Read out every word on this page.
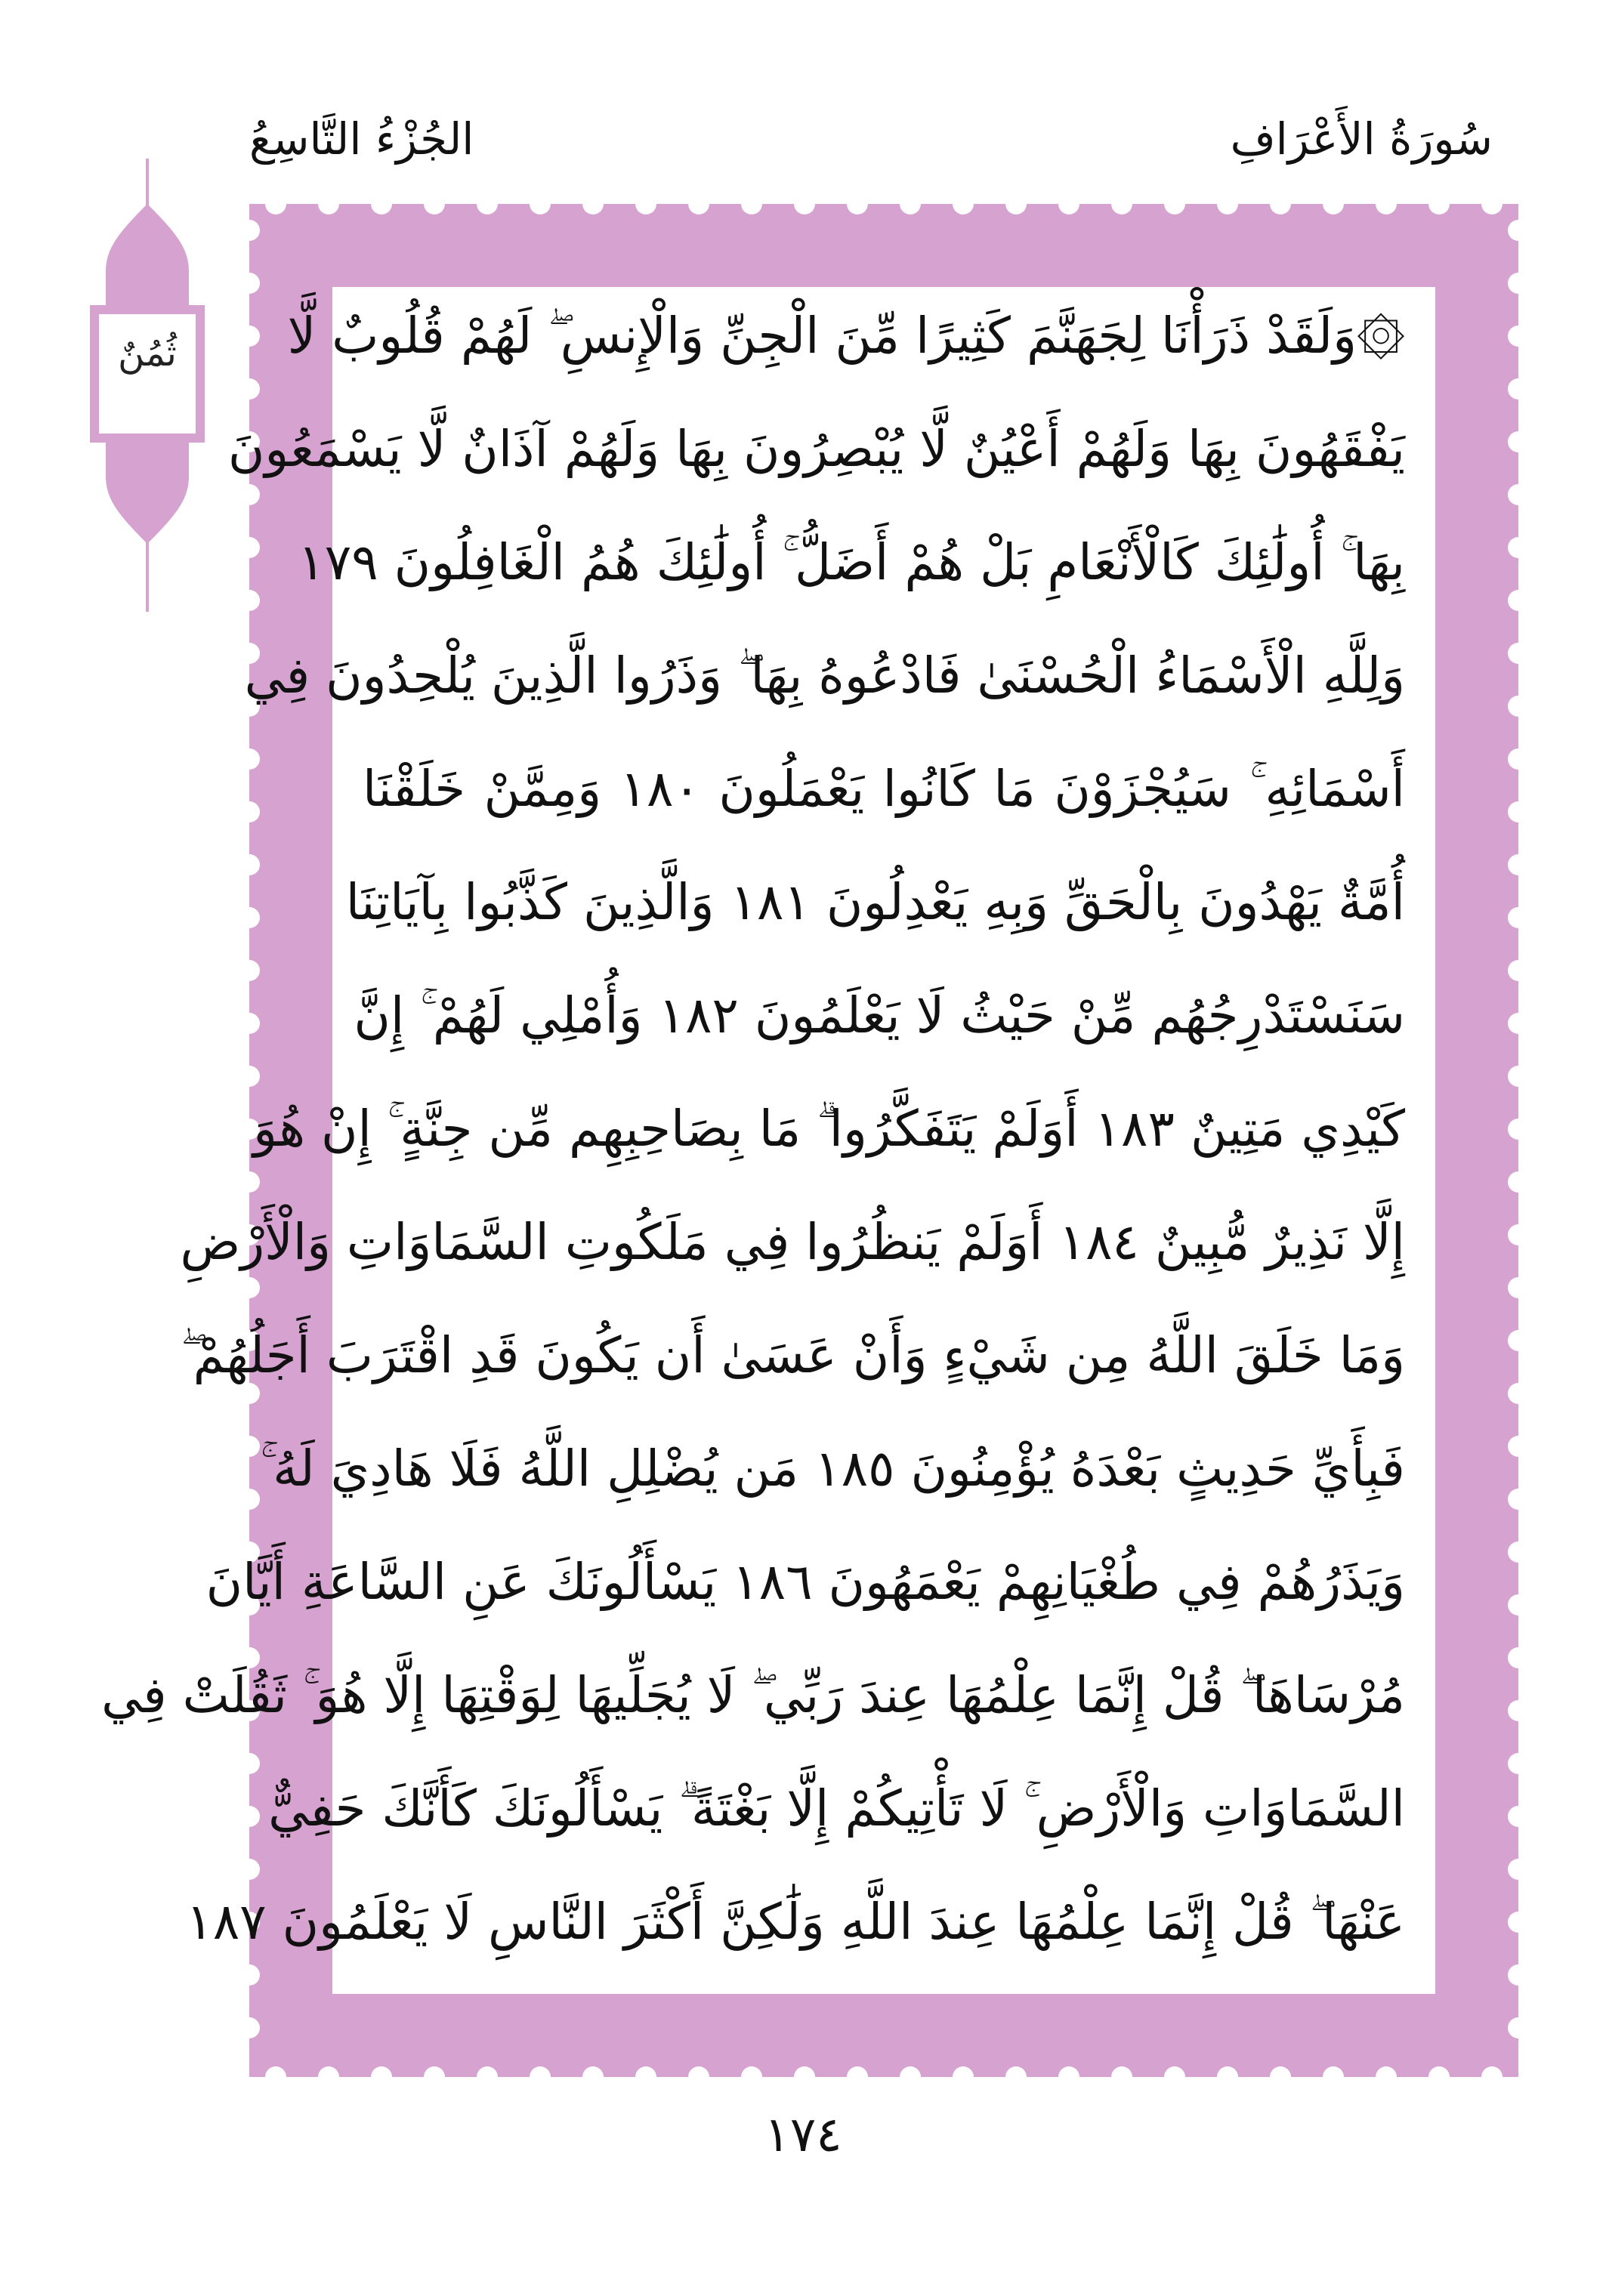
سُورَةُ الأَعْرَافِ
الجُزْءُ التَّاسِعُ
ثُمُنٌ	۞وَلَقَدْ ذَرَأْنَا لِجَهَنَّمَ كَثِيرًا مِّنَ الْجِنِّ وَالْإِنسِ ۖ لَهُمْ قُلُوبٌ لَّا
يَفْقَهُونَ بِهَا وَلَهُمْ أَعْيُنٌ لَّا يُبْصِرُونَ بِهَا وَلَهُمْ آذَانٌ لَّا يَسْمَعُونَ
بِهَا ۚ أُولَٰئِكَ كَالْأَنْعَامِ بَلْ هُمْ أَضَلُّ ۚ أُولَٰئِكَ هُمُ الْغَافِلُونَ ١٧٩
وَلِلَّهِ الْأَسْمَاءُ الْحُسْنَىٰ فَادْعُوهُ بِهَا ۖ وَذَرُوا الَّذِينَ يُلْحِدُونَ فِي
أَسْمَائِهِ ۚ سَيُجْزَوْنَ مَا كَانُوا يَعْمَلُونَ ١٨٠ وَمِمَّنْ خَلَقْنَا
أُمَّةٌ يَهْدُونَ بِالْحَقِّ وَبِهِ يَعْدِلُونَ ١٨١ وَالَّذِينَ كَذَّبُوا بِآيَاتِنَا
سَنَسْتَدْرِجُهُم مِّنْ حَيْثُ لَا يَعْلَمُونَ ١٨٢ وَأُمْلِي لَهُمْ ۚ إِنَّ
كَيْدِي مَتِينٌ ١٨٣ أَوَلَمْ يَتَفَكَّرُوا ۗ مَا بِصَاحِبِهِم مِّن جِنَّةٍ ۚ إِنْ هُوَ
إِلَّا نَذِيرٌ مُّبِينٌ ١٨٤ أَوَلَمْ يَنظُرُوا فِي مَلَكُوتِ السَّمَاوَاتِ وَالْأَرْضِ
وَمَا خَلَقَ اللَّهُ مِن شَيْءٍ وَأَنْ عَسَىٰ أَن يَكُونَ قَدِ اقْتَرَبَ أَجَلُهُمْ ۖ
فَبِأَيِّ حَدِيثٍ بَعْدَهُ يُؤْمِنُونَ ١٨٥ مَن يُضْلِلِ اللَّهُ فَلَا هَادِيَ لَهُ ۚ
وَيَذَرُهُمْ فِي طُغْيَانِهِمْ يَعْمَهُونَ ١٨٦ يَسْأَلُونَكَ عَنِ السَّاعَةِ أَيَّانَ
مُرْسَاهَا ۖ قُلْ إِنَّمَا عِلْمُهَا عِندَ رَبِّي ۖ لَا يُجَلِّيهَا لِوَقْتِهَا إِلَّا هُوَ ۚ ثَقُلَتْ فِي
السَّمَاوَاتِ وَالْأَرْضِ ۚ لَا تَأْتِيكُمْ إِلَّا بَغْتَةً ۗ يَسْأَلُونَكَ كَأَنَّكَ حَفِيٌّ
عَنْهَا ۖ قُلْ إِنَّمَا عِلْمُهَا عِندَ اللَّهِ وَلَٰكِنَّ أَكْثَرَ النَّاسِ لَا يَعْلَمُونَ ١٨٧
١٧٤
